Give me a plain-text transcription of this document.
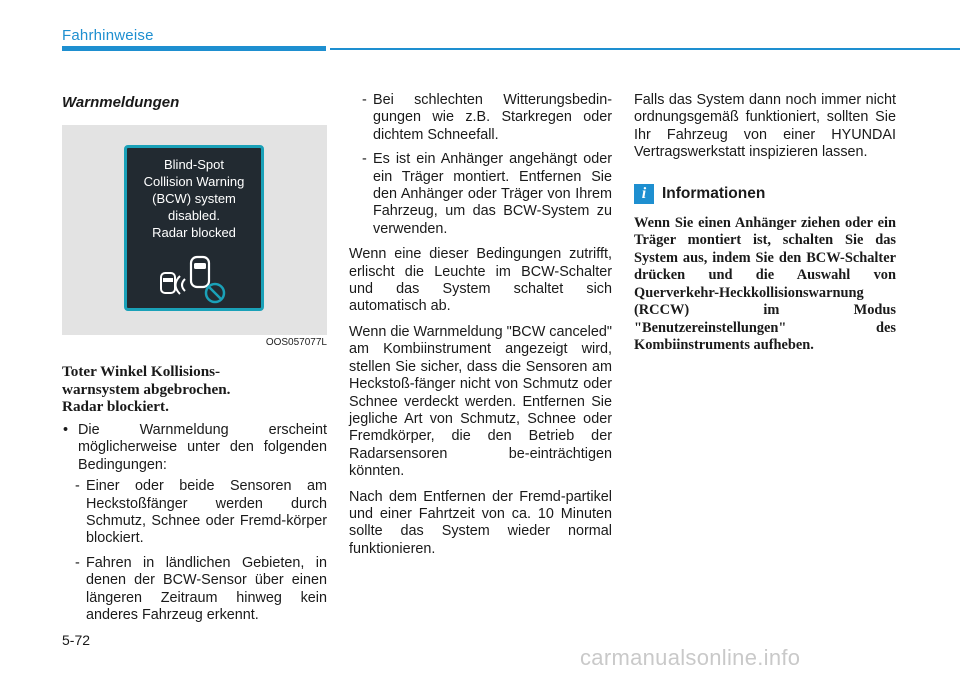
Fahrhinweise
Warnmeldungen
Blind-Spot
Collision Warning
(BCW) system
disabled.
Radar blocked
OOS057077L
Toter Winkel Kollisions-
warnsystem abgebrochen.
Radar blockiert.
• Die Warnmeldung erscheint möglicherweise unter den folgenden Bedingungen:
- Einer oder beide Sensoren am Heckstoßfänger werden durch Schmutz, Schnee oder Fremd-körper blockiert.
- Fahren in ländlichen Gebieten, in denen der BCW-Sensor über einen längeren Zeitraum hinweg kein anderes Fahrzeug erkennt.
- Bei schlechten Witterungsbedin-gungen wie z.B. Starkregen oder dichtem Schneefall.
- Es ist ein Anhänger angehängt oder ein Träger montiert. Entfernen Sie den Anhänger oder Träger von Ihrem Fahrzeug, um das BCW-System zu verwenden.

Wenn eine dieser Bedingungen zutrifft, erlischt die Leuchte im BCW-Schalter und das System schaltet sich automatisch ab.

Wenn die Warnmeldung "BCW canceled" am Kombiinstrument angezeigt wird, stellen Sie sicher, dass die Sensoren am Heckstoß-fänger nicht von Schmutz oder Schnee verdeckt werden. Entfernen Sie jegliche Art von Schmutz, Schnee oder Fremdkörper, die den Betrieb der Radarsensoren be-einträchtigen könnten.

Nach dem Entfernen der Fremd-partikel und einer Fahrtzeit von ca. 10 Minuten sollte das System wieder normal funktionieren.

Falls das System dann noch immer nicht ordnungsgemäß funktioniert, sollten Sie Ihr Fahrzeug von einer HYUNDAI Vertragswerkstatt inspizieren lassen.

i	Informationen
Wenn Sie einen Anhänger ziehen oder ein Träger montiert ist, schalten Sie das System aus, indem Sie den BCW-Schalter drücken und die Auswahl von Querverkehr-Heckkollisionswarnung (RCCW) im Modus "Benutzereinstellungen" des Kombiinstruments aufheben.
5-72
carmanualsonline.info
